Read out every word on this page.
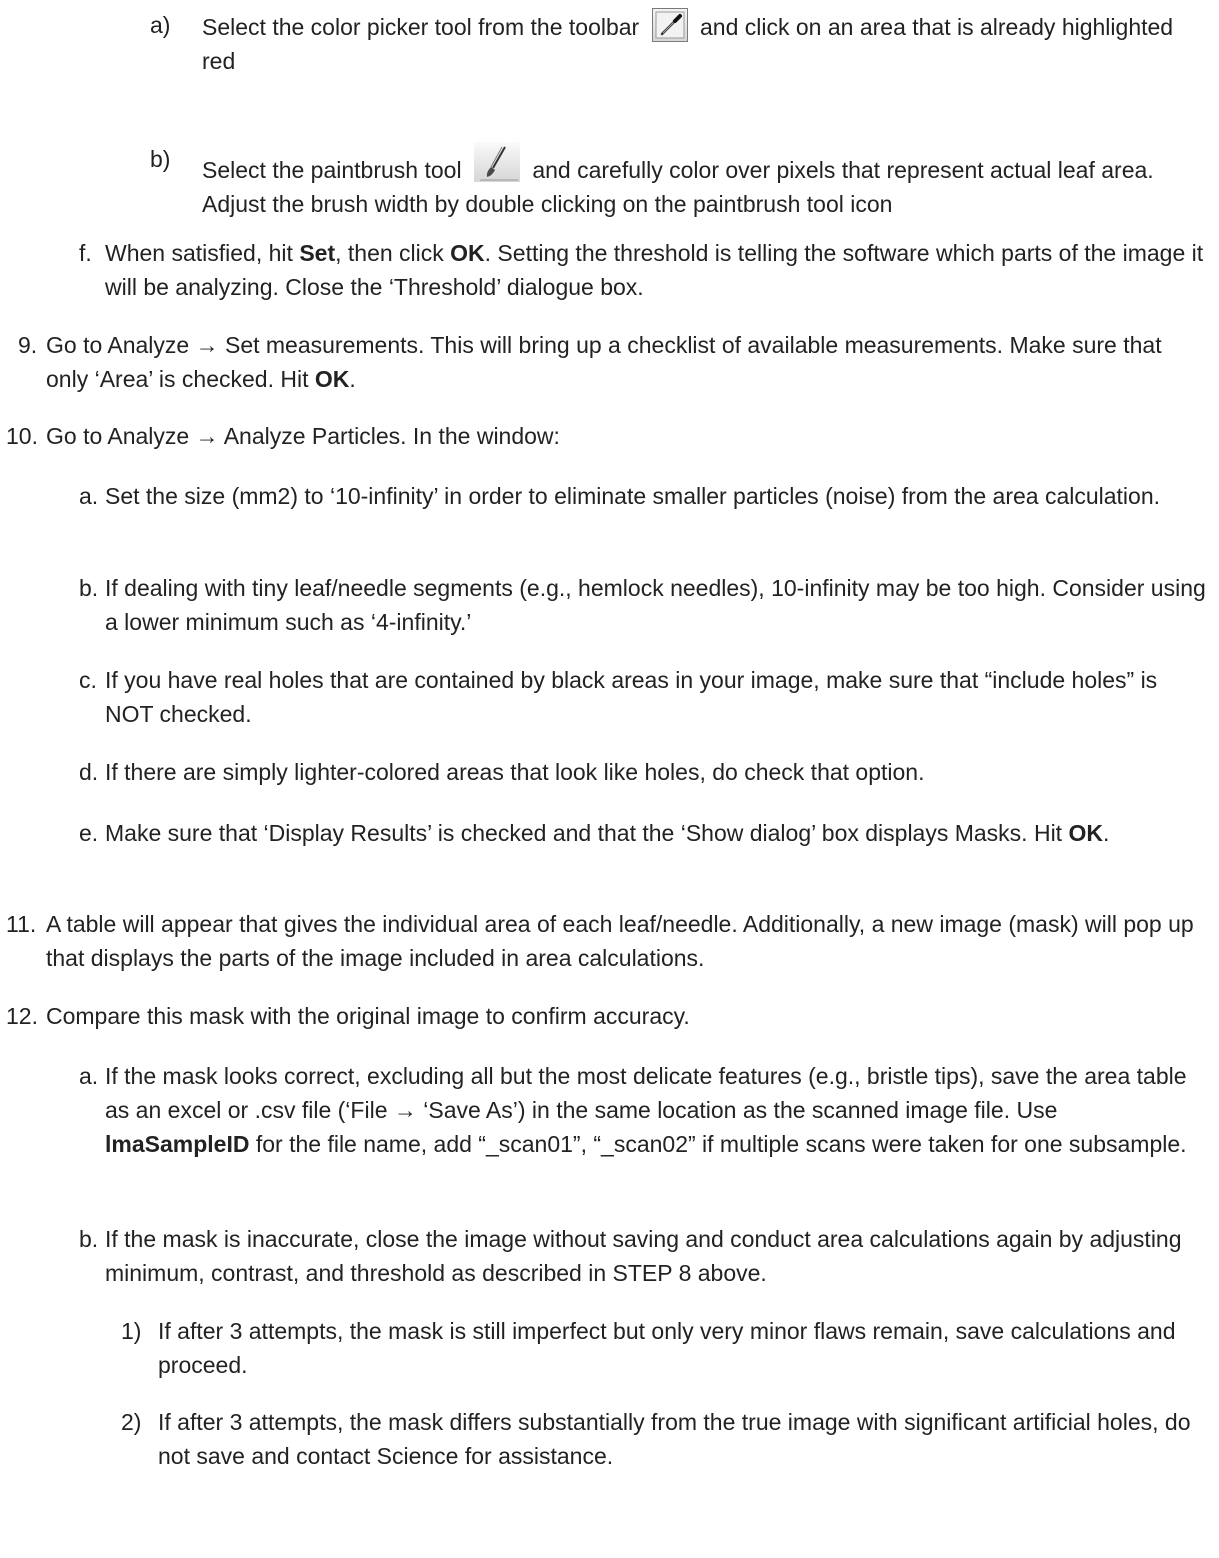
a) Select the color picker tool from the toolbar	and click on an area that is already highlighted red
b) Select the paintbrush tool	and carefully color over pixels that represent actual leaf area. Adjust the brush width by double clicking on the paintbrush tool icon
f. When satisfied, hit Set, then click OK. Setting the threshold is telling the software which parts of the image it will be analyzing. Close the ‘Threshold’ dialogue box.
9. Go to Analyze → Set measurements. This will bring up a checklist of available measurements. Make sure that only ‘Area’ is checked. Hit OK.
10. Go to Analyze → Analyze Particles. In the window:
a. Set the size (mm2) to ‘10-infinity’ in order to eliminate smaller particles (noise) from the area calculation.
b. If dealing with tiny leaf/needle segments (e.g., hemlock needles), 10-infinity may be too high. Consider using a lower minimum such as ‘4-infinity.’
c. If you have real holes that are contained by black areas in your image, make sure that “include holes” is NOT checked.
d. If there are simply lighter-colored areas that look like holes, do check that option.
e. Make sure that ‘Display Results’ is checked and that the ‘Show dialog’ box displays Masks. Hit OK.
11. A table will appear that gives the individual area of each leaf/needle. Additionally, a new image (mask) will pop up that displays the parts of the image included in area calculations.
12. Compare this mask with the original image to confirm accuracy.
a. If the mask looks correct, excluding all but the most delicate features (e.g., bristle tips), save the area table as an excel or .csv file (‘File → ‘Save As’) in the same location as the scanned image file. Use lmaSampleID for the file name, add “_scan01”, “_scan02” if multiple scans were taken for one subsample.
b. If the mask is inaccurate, close the image without saving and conduct area calculations again by adjusting minimum, contrast, and threshold as described in STEP 8 above.
1) If after 3 attempts, the mask is still imperfect but only very minor flaws remain, save calculations and proceed.
2) If after 3 attempts, the mask differs substantially from the true image with significant artificial holes, do not save and contact Science for assistance.
